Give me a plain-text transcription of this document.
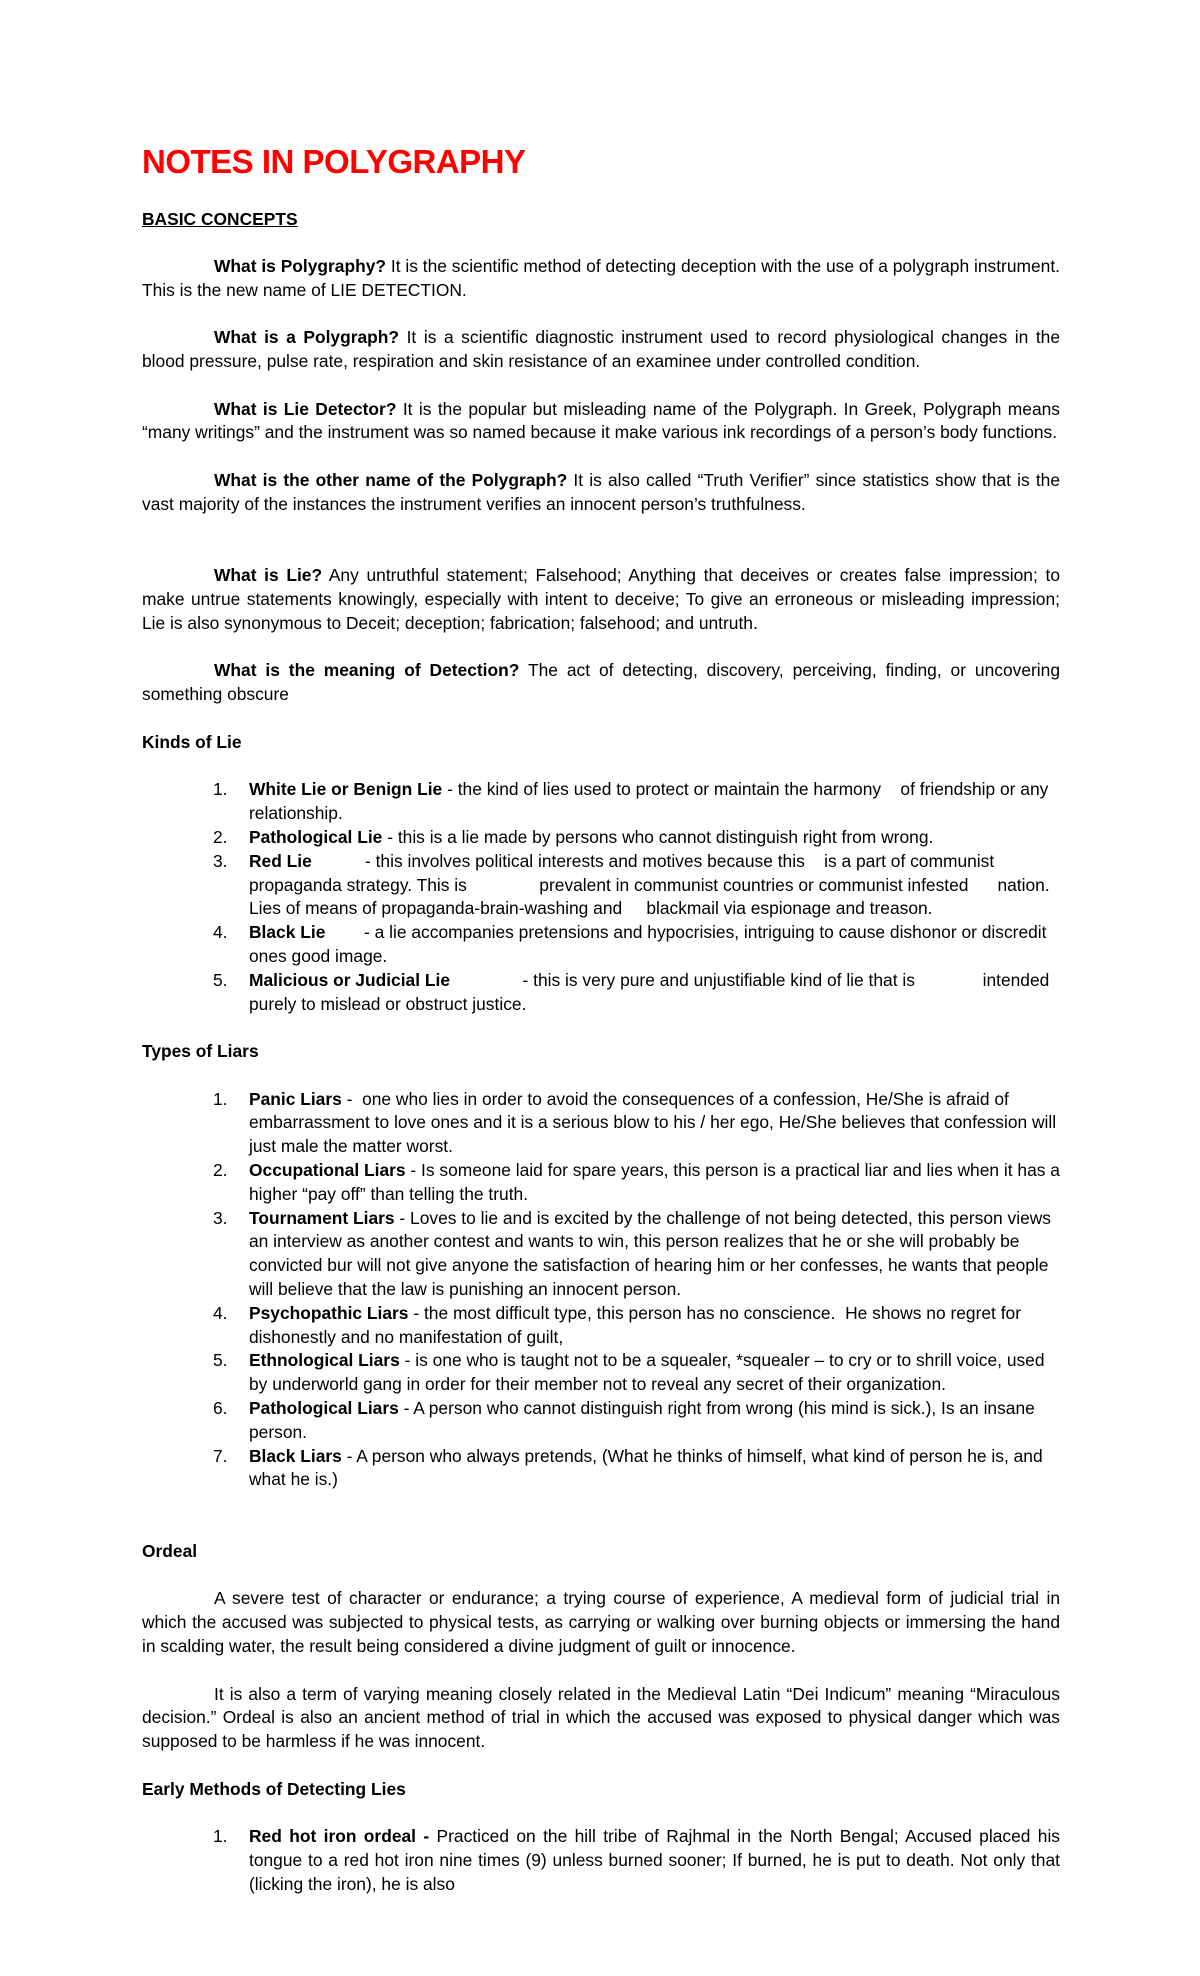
NOTES IN POLYGRAPHY
BASIC CONCEPTS

What is Polygraphy? It is the scientific method of detecting deception with the use of a polygraph instrument. This is the new name of LIE DETECTION.

What is a Polygraph? It is a scientific diagnostic instrument used to record physiological changes in the blood pressure, pulse rate, respiration and skin resistance of an examinee under controlled condition.

What is Lie Detector? It is the popular but misleading name of the Polygraph. In Greek, Polygraph means “many writings” and the instrument was so named because it make various ink recordings of a person’s body functions.

What is the other name of the Polygraph? It is also called “Truth Verifier” since statistics show that is the vast majority of the instances the instrument verifies an innocent person’s truthfulness.

What is Lie? Any untruthful statement; Falsehood; Anything that deceives or creates false impression; to make untrue statements knowingly, especially with intent to deceive; To give an erroneous or misleading impression; Lie is also synonymous to Deceit; deception; fabrication; falsehood; and untruth.

What is the meaning of Detection? The act of detecting, discovery, perceiving, finding, or uncovering something obscure

Kinds of Lie
1. White Lie or Benign Lie - the kind of lies used to protect or maintain the harmony    of friendship or any relationship.
2. Pathological Lie - this is a lie made by persons who cannot distinguish right from wrong.
3. Red Lie           - this involves political interests and motives because this    is a part of communist propaganda strategy. This is               prevalent in communist countries or communist infested      nation. Lies of means of propaganda-brain-washing and     blackmail via espionage and treason.
4. Black Lie        - a lie accompanies pretensions and hypocrisies, intriguing to cause dishonor or discredit ones good image.
5. Malicious or Judicial Lie               - this is very pure and unjustifiable kind of lie that is              intended purely to mislead or obstruct justice.
Types of Liars
1. Panic Liars -  one who lies in order to avoid the consequences of a confession, He/She is afraid of embarrassment to love ones and it is a serious blow to his / her ego, He/She believes that confession will just male the matter worst.
2. Occupational Liars - Is someone laid for spare years, this person is a practical liar and lies when it has a higher “pay off” than telling the truth.
3. Tournament Liars - Loves to lie and is excited by the challenge of not being detected, this person views an interview as another contest and wants to win, this person realizes that he or she will probably be convicted bur will not give anyone the satisfaction of hearing him or her confesses, he wants that people will believe that the law is punishing an innocent person.
4. Psychopathic Liars - the most difficult type, this person has no conscience.  He shows no regret for dishonestly and no manifestation of guilt,
5. Ethnological Liars - is one who is taught not to be a squealer, *squealer – to cry or to shrill voice, used by underworld gang in order for their member not to reveal any secret of their organization.
6. Pathological Liars - A person who cannot distinguish right from wrong (his mind is sick.), Is an insane person.
7. Black Liars - A person who always pretends, (What he thinks of himself, what kind of person he is, and what he is.)
Ordeal

A severe test of character or endurance; a trying course of experience, A medieval form of judicial trial in which the accused was subjected to physical tests, as carrying or walking over burning objects or immersing the hand in scalding water, the result being considered a divine judgment of guilt or innocence.

It is also a term of varying meaning closely related in the Medieval Latin “Dei Indicum” meaning “Miraculous decision.” Ordeal is also an ancient method of trial in which the accused was exposed to physical danger which was supposed to be harmless if he was innocent.

Early Methods of Detecting Lies
1. Red hot iron ordeal - Practiced on the hill tribe of Rajhmal in the North Bengal; Accused placed his tongue to a red hot iron nine times (9) unless burned sooner; If burned, he is put to death. Not only that (licking the iron), he is also
